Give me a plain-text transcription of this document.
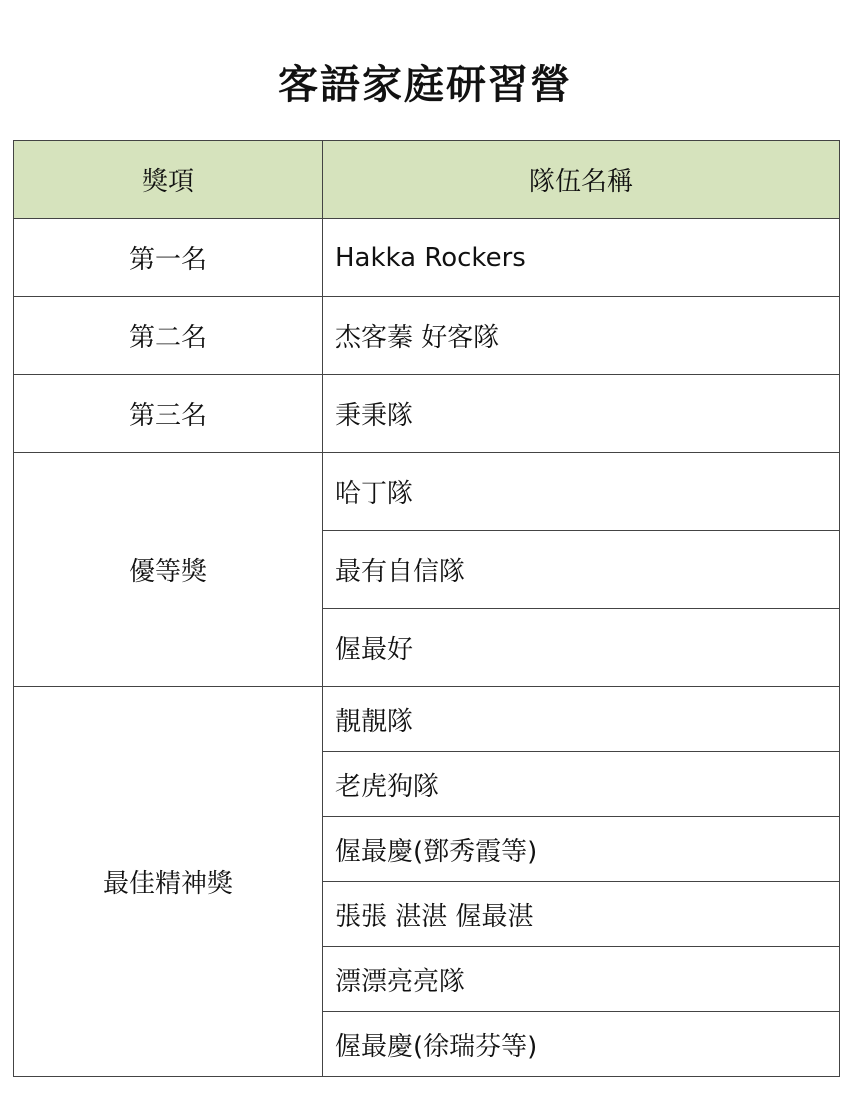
客語家庭研習營
獎項	隊伍名稱
第一名	Hakka Rockers
第二名	杰客蓁 好客隊
第三名	秉秉隊
優等獎	哈丁隊
	最有自信隊
	偓最好
最佳精神獎	靚靚隊
	老虎狗隊
	偓最慶(鄧秀霞等)
	張張 湛湛 偓最湛
	漂漂亮亮隊
	偓最慶(徐瑞芬等)
